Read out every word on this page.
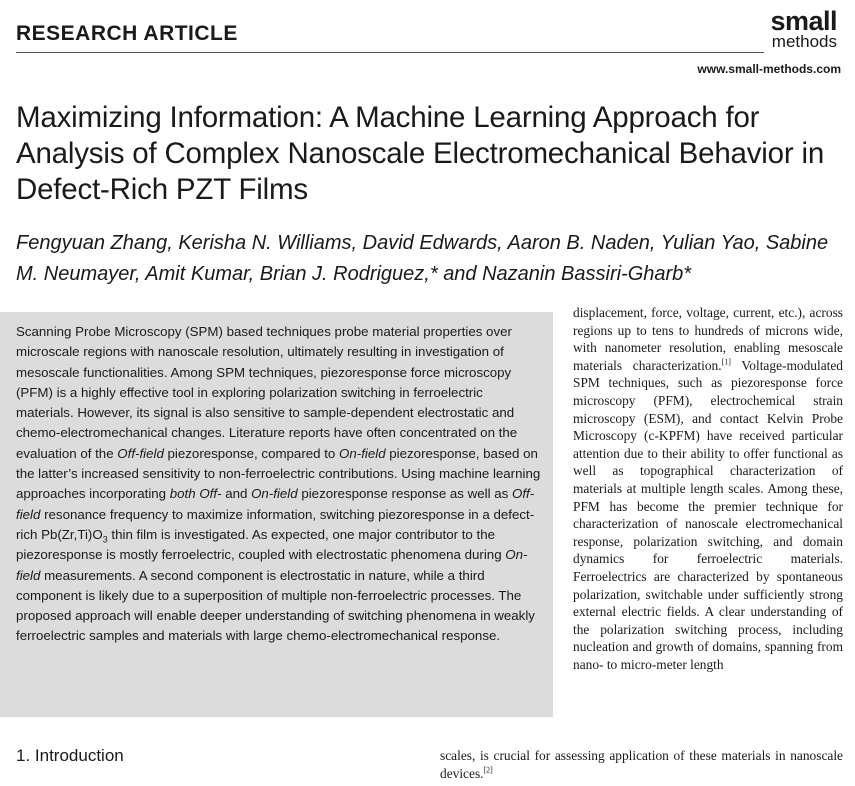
RESEARCH ARTICLE	small
methods
www.small-methods.com
Maximizing Information: A Machine Learning Approach for Analysis of Complex Nanoscale Electromechanical Behavior in Defect-Rich PZT Films
Fengyuan Zhang, Kerisha N. Williams, David Edwards, Aaron B. Naden, Yulian Yao, Sabine M. Neumayer, Amit Kumar, Brian J. Rodriguez,* and Nazanin Bassiri-Gharb*
Scanning Probe Microscopy (SPM) based techniques probe material properties over microscale regions with nanoscale resolution, ultimately resulting in investigation of mesoscale functionalities. Among SPM techniques, piezoresponse force microscopy (PFM) is a highly effective tool in exploring polarization switching in ferroelectric materials. However, its signal is also sensitive to sample-dependent electrostatic and chemo-electromechanical changes. Literature reports have often concentrated on the evaluation of the Off-field piezoresponse, compared to On-field piezoresponse, based on the latter’s increased sensitivity to non-ferroelectric contributions. Using machine learning approaches incorporating both Off- and On-field piezoresponse response as well as Off-field resonance frequency to maximize information, switching piezoresponse in a defect-rich $Pb(Zr,Ti)O_3$ thin film is investigated. As expected, one major contributor to the piezoresponse is mostly ferroelectric, coupled with electrostatic phenomena during On-field measurements. A second component is electrostatic in nature, while a third component is likely due to a superposition of multiple non-ferroelectric processes. The proposed approach will enable deeper understanding of switching phenomena in weakly ferroelectric samples and materials with large chemo-electromechanical response.
1. Introduction
displacement, force, voltage, current, etc.), across regions up to tens to hundreds of microns wide, with nanometer resolution, enabling mesoscale materials characterization.[1] Voltage-modulated SPM techniques, such as piezoresponse force microscopy (PFM), electrochemical strain microscopy (ESM), and contact Kelvin Probe Microscopy (c-KPFM) have received particular attention due to their ability to offer functional as well as topographical characterization of materials at multiple length scales. Among these, PFM has become the premier technique for characterization of nanoscale electromechanical response, polarization switching, and domain dynamics for ferroelectric materials. Ferroelectrics are characterized by spontaneous polarization, switchable under sufficiently strong external electric fields. A clear understanding of the polarization switching process, including nucleation and growth of domains, spanning from nano- to micro-meter length
scales, is crucial for assessing application of these materials in nanoscale devices.[2]
